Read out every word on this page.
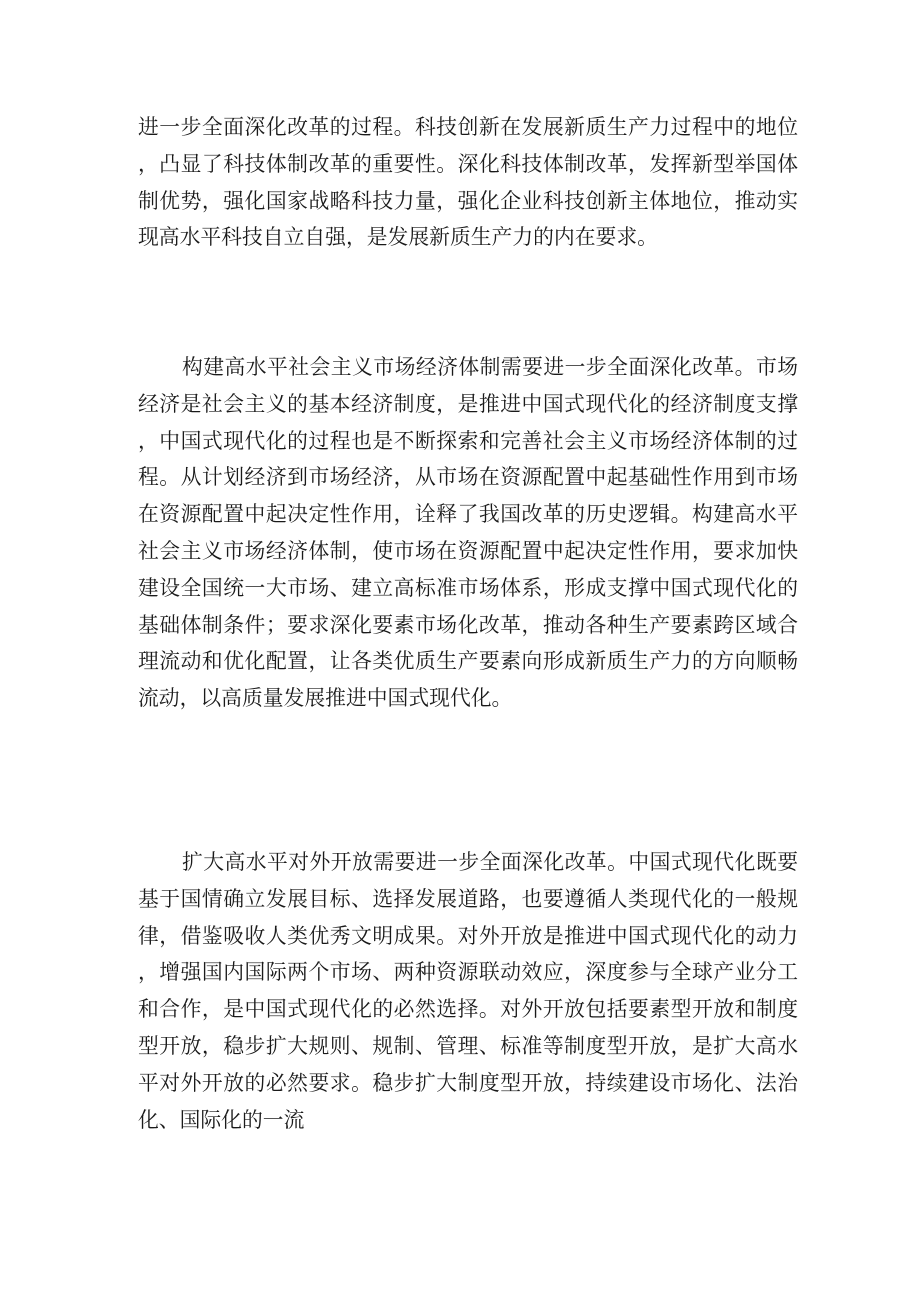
进一步全面深化改革的过程。科技创新在发展新质生产力过程中的地位，凸显了科技体制改革的重要性。深化科技体制改革，发挥新型举国体制优势，强化国家战略科技力量，强化企业科技创新主体地位，推动实现高水平科技自立自强，是发展新质生产力的内在要求。

构建高水平社会主义市场经济体制需要进一步全面深化改革。市场经济是社会主义的基本经济制度，是推进中国式现代化的经济制度支撑，中国式现代化的过程也是不断探索和完善社会主义市场经济体制的过程。从计划经济到市场经济，从市场在资源配置中起基础性作用到市场在资源配置中起决定性作用，诠释了我国改革的历史逻辑。构建高水平社会主义市场经济体制，使市场在资源配置中起决定性作用，要求加快建设全国统一大市场、建立高标准市场体系，形成支撑中国式现代化的基础体制条件；要求深化要素市场化改革，推动各种生产要素跨区域合理流动和优化配置，让各类优质生产要素向形成新质生产力的方向顺畅流动，以高质量发展推进中国式现代化。

扩大高水平对外开放需要进一步全面深化改革。中国式现代化既要基于国情确立发展目标、选择发展道路，也要遵循人类现代化的一般规律，借鉴吸收人类优秀文明成果。对外开放是推进中国式现代化的动力，增强国内国际两个市场、两种资源联动效应，深度参与全球产业分工和合作，是中国式现代化的必然选择。对外开放包括要素型开放和制度型开放，稳步扩大规则、规制、管理、标准等制度型开放，是扩大高水平对外开放的必然要求。稳步扩大制度型开放，持续建设市场化、法治化、国际化的一流
